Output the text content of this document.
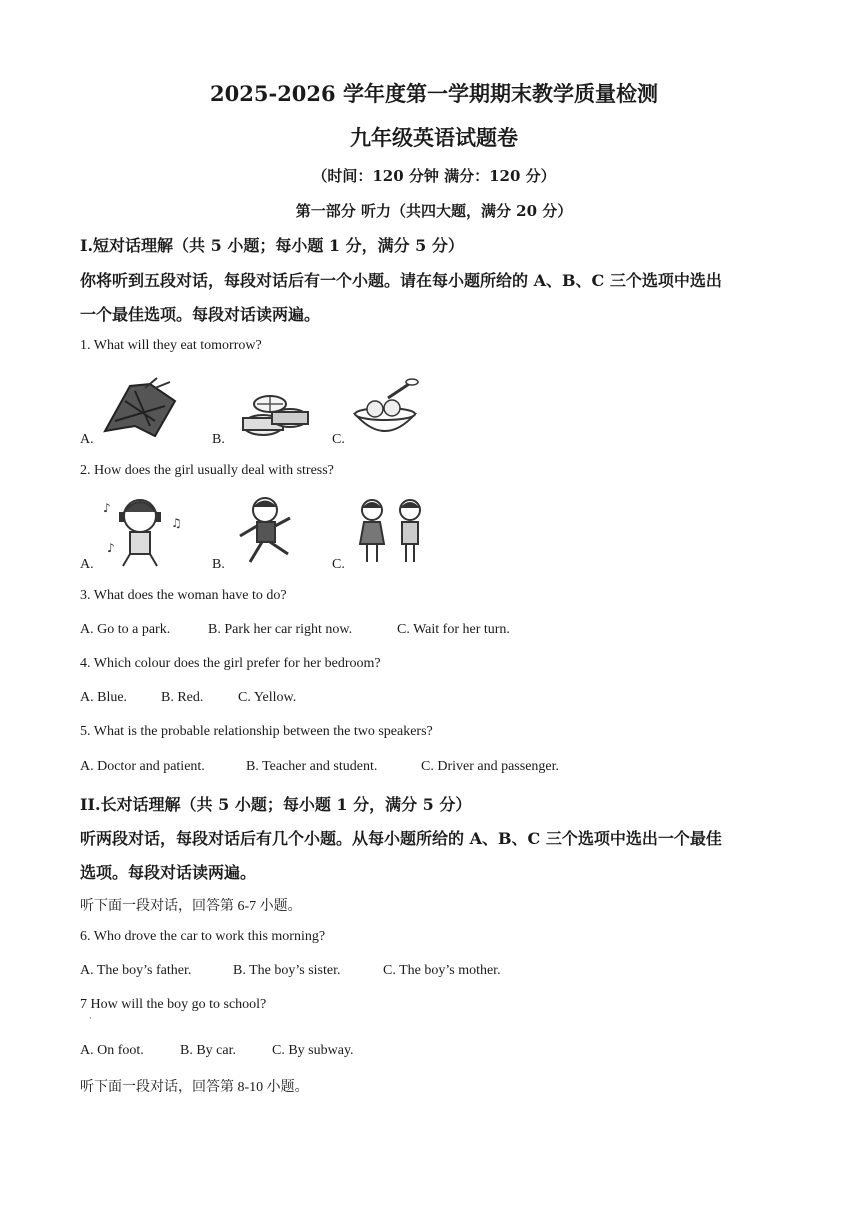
2025-2026 学年度第一学期期末教学质量检测
九年级英语试题卷
（时间：120 分钟 满分：120 分）
第一部分 听力（共四大题，满分 20 分）
I.短对话理解（共 5 小题；每小题 1 分，满分 5 分）
你将听到五段对话，每段对话后有一个小题。请在每小题所给的 A、B、C 三个选项中选出
一个最佳选项。每段对话读两遍。
1. What will they eat tomorrow?
A.	B.	C.
2. How does the girl usually deal with stress?
♪
♫
♪
A.	B.	C.
3. What does the woman have to do?
A. Go to a park.	B. Park her car right now.	C. Wait for her turn.
4. Which colour does the girl prefer for her bedroom?
A. Blue. B. Red. C. Yellow.
5. What is the probable relationship between the two speakers?
A. Doctor and patient.	B. Teacher and student.	C. Driver and passenger.
II.长对话理解（共 5 小题；每小题 1 分，满分 5 分）
听两段对话，每段对话后有几个小题。从每小题所给的 A、B、C 三个选项中选出一个最佳
选项。每段对话读两遍。
听下面一段对话，回答第 6-7 小题。
6. Who drove the car to work this morning?
A. The boy’s father.	B. The boy’s sister.	C. The boy’s mother.
7 How will the boy go to school?
·
A. On foot.	B. By car.	C. By subway.
听下面一段对话，回答第 8-10 小题。
